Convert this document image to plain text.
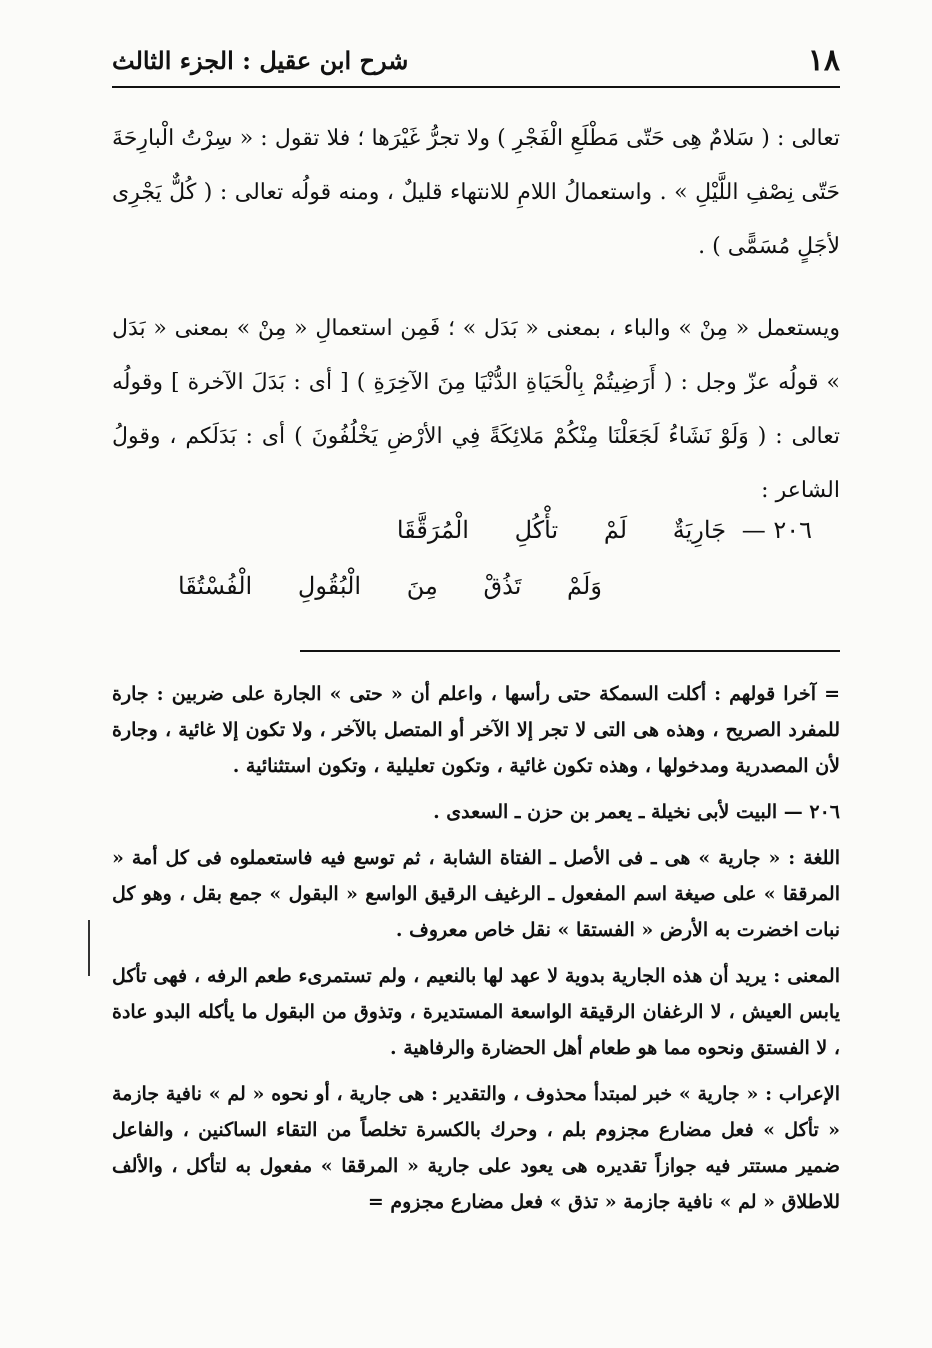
١٨
شرح ابن عقيل : الجزء الثالث

تعالى : ( سَلامٌ هِى حَتّى مَطْلَعِ الْفَجْرِ ) ولا تجرُّ غَيْرَها ؛ فلا تقول : « سِرْتُ الْبارِحَةَ حَتّى نِصْفِ اللَّيْلِ » . واستعمالُ اللامِ للانتهاء قليلٌ ، ومنه قولُه تعالى : ( كُلٌّ يَجْرِى لأجَلٍ مُسَمًّى ) .

ويستعمل « مِنْ » والباء ، بمعنى « بَدَل » ؛ فَمِن استعمالِ « مِنْ » بمعنى « بَدَل » قولُه عزّ وجل : ( أَرَضِيتُمْ بِالْحَيَاةِ الدُّنْيَا مِنَ الآخِرَةِ ) [ أى : بَدَلَ الآخرة ] وقولُه تعالى : ( وَلَوْ نَشَاءُ لَجَعَلْنَا مِنْكُمْ مَلائِكَةً فِي الأرْضِ يَخْلُفُونَ ) أى : بَدَلَكم ، وقولُ الشاعر :

٢٠٦ — جَارِيَةٌ لَمْ تأْكُلِ الْمُرَقَّقَا
وَلَمْ تَذُقْ مِنَ الْبُقُولِ الْفُسْتُقَا

= آخرا قولهم : أكلت السمكة حتى رأسها ، واعلم أن « حتى » الجارة على ضربين : جارة للمفرد الصريح ، وهذه هى التى لا تجر إلا الآخر أو المتصل بالآخر ، ولا تكون إلا غائية ، وجارة لأن المصدرية ومدخولها ، وهذه تكون غائية ، وتكون تعليلية ، وتكون استثنائية .

٢٠٦ — البيت لأبى نخيلة ـ يعمر بن حزن ـ السعدى .

اللغة : « جارية » هى ـ فى الأصل ـ الفتاة الشابة ، ثم توسع فيه فاستعملوه فى كل أمة « المرققا » على صيغة اسم المفعول ـ الرغيف الرقيق الواسع « البقول » جمع بقل ، وهو كل نبات اخضرت به الأرض « الفستقا » نقل خاص معروف .

المعنى : يريد أن هذه الجارية بدوية لا عهد لها بالنعيم ، ولم تستمرىء طعم الرفه ، فهى تأكل يابس العيش ، لا الرغفان الرقيقة الواسعة المستديرة ، وتذوق من البقول ما يأكله البدو عادة ، لا الفستق ونحوه مما هو طعام أهل الحضارة والرفاهية .

الإعراب : « جارية » خبر لمبتدأ محذوف ، والتقدير : هى جارية ، أو نحوه « لم » نافية جازمة « تأكل » فعل مضارع مجزوم بلم ، وحرك بالكسرة تخلصاً من التقاء الساكنين ، والفاعل ضمير مستتر فيه جوازاً تقديره هى يعود على جارية « المرققا » مفعول به لتأكل ، والألف للاطلاق « لم » نافية جازمة « تذق » فعل مضارع مجزوم =
